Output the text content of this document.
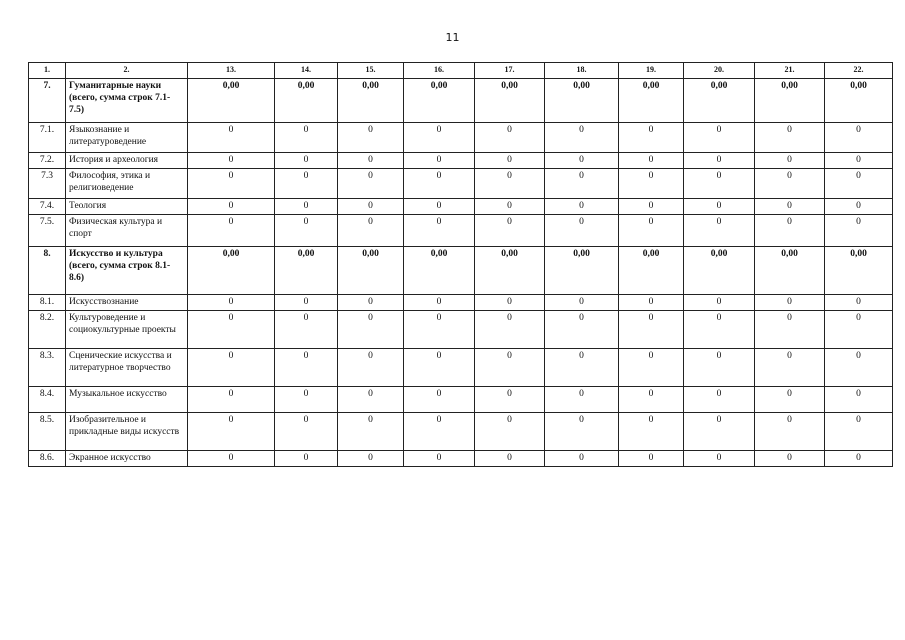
11
1.	2.	13.	14.	15.	16.	17.	18.	19.	20.	21.	22.
7.	Гуманитарные науки (всего, сумма строк 7.1-7.5)	0,00	0,00	0,00	0,00	0,00	0,00	0,00	0,00	0,00	0,00
7.1.	Языкознание и литературоведение	0	0	0	0	0	0	0	0	0	0
7.2.	История и археология	0	0	0	0	0	0	0	0	0	0
7.3	Философия, этика и религиоведение	0	0	0	0	0	0	0	0	0	0
7.4.	Теология	0	0	0	0	0	0	0	0	0	0
7.5.	Физическая культура и спорт	0	0	0	0	0	0	0	0	0	0
8.	Искусство и культура (всего, сумма строк 8.1-8.6)	0,00	0,00	0,00	0,00	0,00	0,00	0,00	0,00	0,00	0,00
8.1.	Искусствознание	0	0	0	0	0	0	0	0	0	0
8.2.	Культуроведение и социокультурные проекты	0	0	0	0	0	0	0	0	0	0
8.3.	Сценические искусства и литературное творчество	0	0	0	0	0	0	0	0	0	0
8.4.	Музыкальное искусство	0	0	0	0	0	0	0	0	0	0
8.5.	Изобразительное и прикладные виды искусств	0	0	0	0	0	0	0	0	0	0
8.6.	Экранное искусство	0	0	0	0	0	0	0	0	0	0
